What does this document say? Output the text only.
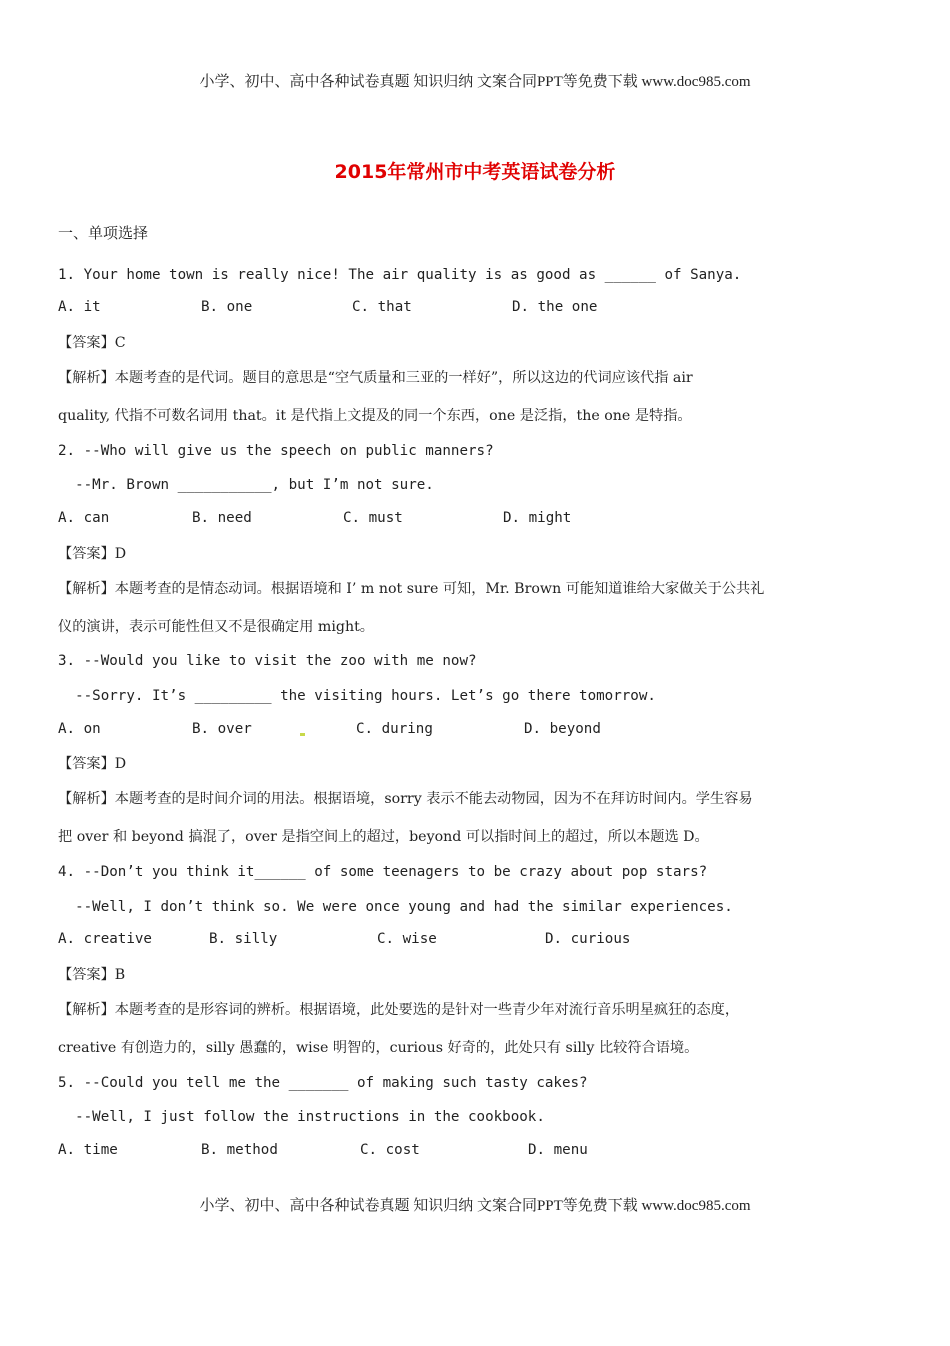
小学、初中、高中各种试卷真题 知识归纳 文案合同PPT等免费下载 www.doc985.com
2015年常州市中考英语试卷分析
一、单项选择
1. Your home town is really nice! The air quality is as good as ______ of Sanya.
A. it	B. one	C. that	D. the one
【答案】C
【解析】本题考查的是代词。题目的意思是“空气质量和三亚的一样好”，所以这边的代词应该代指 air
quality, 代指不可数名词用 that。it 是代指上文提及的同一个东西，one 是泛指，the one 是特指。
2. --Who will give us the speech on public manners?
--Mr. Brown ___________, but I’m not sure.
A. can	B. need	C. must	D. might
【答案】D
【解析】本题考查的是情态动词。根据语境和 I’ m not sure 可知，Mr. Brown 可能知道谁给大家做关于公共礼
仪的演讲，表示可能性但又不是很确定用 might。
3. --Would you like to visit the zoo with me now?
--Sorry. It’s _________ the visiting hours. Let’s go there tomorrow.
A. on	B. over	C. during	D. beyond
【答案】D
【解析】本题考查的是时间介词的用法。根据语境，sorry 表示不能去动物园，因为不在拜访时间内。学生容易
把 over 和 beyond 搞混了，over 是指空间上的超过，beyond 可以指时间上的超过，所以本题选 D。
4. --Don’t you think it______ of some teenagers to be crazy about pop stars?
--Well, I don’t think so. We were once young and had the similar experiences.
A. creative	B. silly	C. wise	D. curious
【答案】B
【解析】本题考查的是形容词的辨析。根据语境，此处要选的是针对一些青少年对流行音乐明星疯狂的态度，
creative 有创造力的，silly 愚蠢的，wise 明智的，curious 好奇的，此处只有 silly 比较符合语境。
5. --Could you tell me the _______ of making such tasty cakes?
--Well, I just follow the instructions in the cookbook.
A. time	B. method	C. cost	D. menu
小学、初中、高中各种试卷真题 知识归纳 文案合同PPT等免费下载 www.doc985.com
